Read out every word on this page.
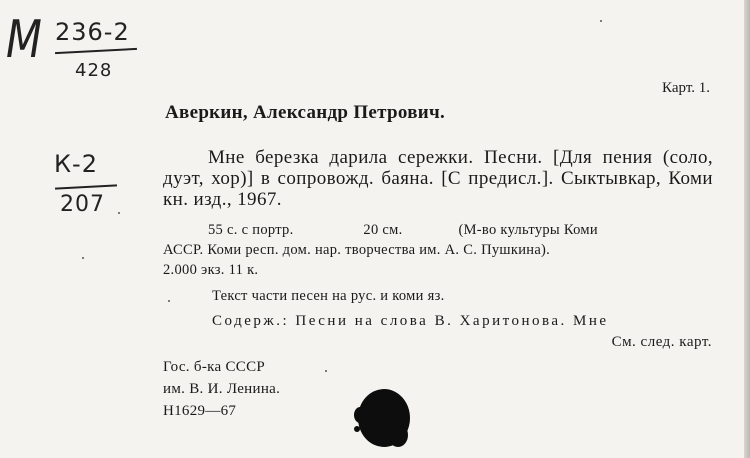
М 236-2
428
К-2
207
Карт. 1.
Аверкин, Александр Петрович.
Мне березка дарила сережки. Песни. [Для пения (соло, дуэт, хор)] в сопровожд. баяна. [С предисл.]. Сыктывкар, Коми кн. изд., 1967.
55 с. с портр.	20 см.	(М-во культуры Коми
АССР. Коми респ. дом. нар. творчества им. А. С. Пушкина).
2.000 экз. 11 к.
Текст части песен на рус. и коми яз.
Содерж.: Песни на слова В. Харитонова. Мне
См. след. карт.
Гос. б-ка СССР
им. В. И. Ленина.
Н1629—67
